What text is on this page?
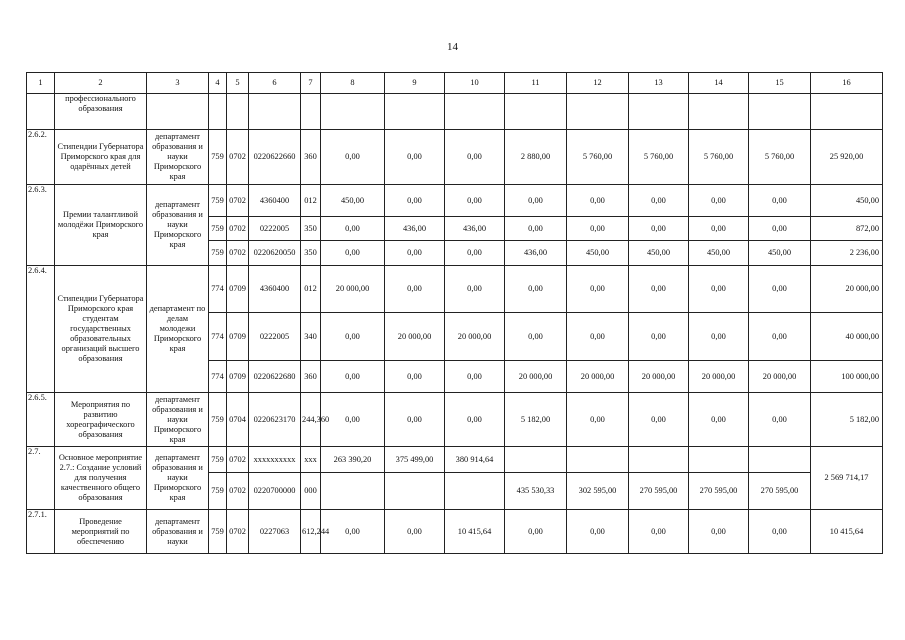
14
1	2	3	4	5	6	7	8	9	10	11	12	13	14	15	16
	профессионального образования														
2.6.2.	Стипендии Губернатора Приморского края для одарённых детей	департамент образования и науки Приморского края	759	0702	0220622660	360	0,00	0,00	0,00	2 880,00	5 760,00	5 760,00	5 760,00	5 760,00	25 920,00
2.6.3.	Премии талантливой молодёжи Приморского края	департамент образования и науки Приморского края	759	0702	4360400	012	450,00	0,00	0,00	0,00	0,00	0,00	0,00	0,00	450,00
			759	0702	0222005	350	0,00	436,00	436,00	0,00	0,00	0,00	0,00	0,00	872,00
			759	0702	0220620050	350	0,00	0,00	0,00	436,00	450,00	450,00	450,00	450,00	2 236,00
2.6.4.	Стипендии Губернатора Приморского края студентам государственных образовательных организаций высшего образования	департамент по делам молодежи Приморского края	774	0709	4360400	012	20 000,00	0,00	0,00	0,00	0,00	0,00	0,00	0,00	20 000,00
			774	0709	0222005	340	0,00	20 000,00	20 000,00	0,00	0,00	0,00	0,00	0,00	40 000,00
			774	0709	0220622680	360	0,00	0,00	0,00	20 000,00	20 000,00	20 000,00	20 000,00	20 000,00	100 000,00
2.6.5.	Мероприятия по развитию хореографического образования	департамент образования и науки Приморского края	759	0704	0220623170	244,360	0,00	0,00	0,00	5 182,00	0,00	0,00	0,00	0,00	5 182,00
2.7.	Основное мероприятие 2.7.: Создание условий для получения качественного общего образования	департамент образования и науки Приморского края	759	0702	xxxxxxxxxx	xxx	263 390,20	375 499,00	380 914,64						2 569 714,17
			759	0702	0220700000	000				435 530,33	302 595,00	270 595,00	270 595,00	270 595,00	
2.7.1.	Проведение мероприятий по обеспечению	департамент образования и науки	759	0702	0227063	612,244	0,00	0,00	10 415,64	0,00	0,00	0,00	0,00	0,00	10 415,64
